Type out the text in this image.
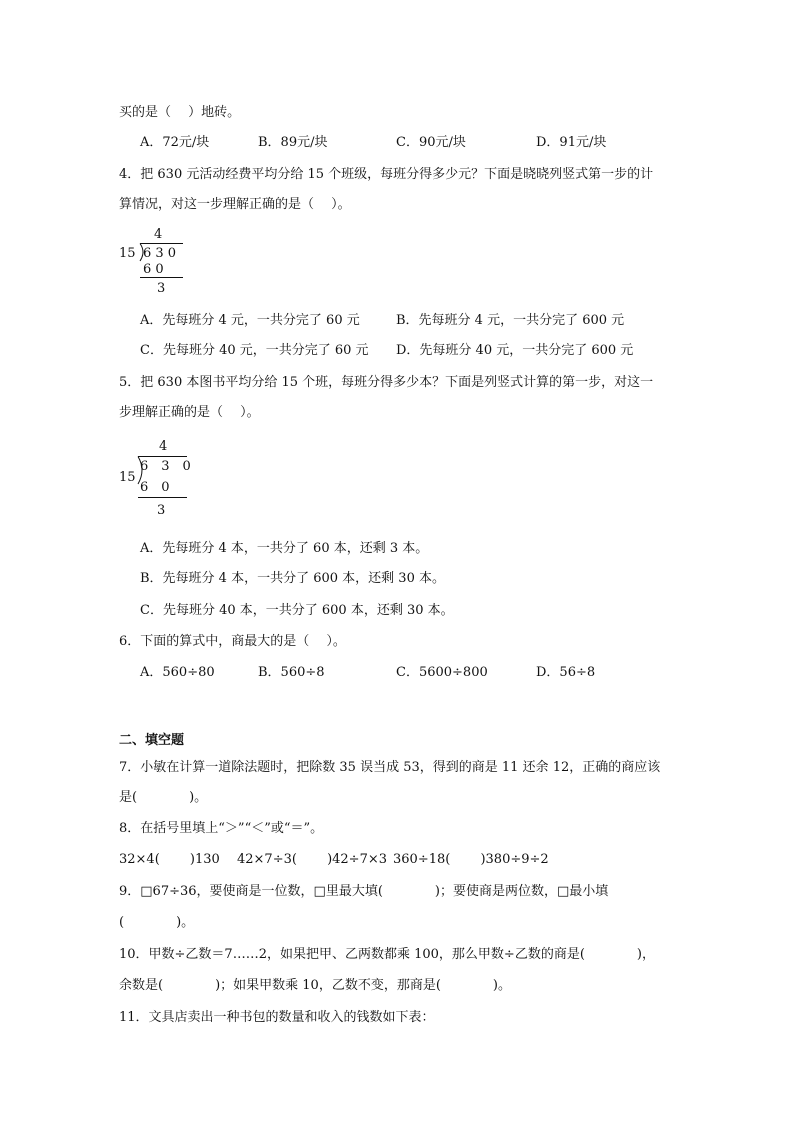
买的是（　 ）地砖。
A．72元/块	B．89元/块	C．90元/块	D．91元/块
4．把 630 元活动经费平均分给 15 个班级，每班分得多少元？下面是晓晓列竖式第一步的计
算情况，对这一步理解正确的是（　 ）。
4
15 6 3 0
6 0
3
A．先每班分 4 元，一共分完了 60 元	B．先每班分 4 元，一共分完了 600 元
C．先每班分 40 元，一共分完了 60 元 D．先每班分 40 元，一共分完了 600 元
5．把 630 本图书平均分给 15 个班，每班分得多少本？下面是列竖式计算的第一步，对这一
步理解正确的是（　 ）。
4
6　3　0
15
6　0
3
A．先每班分 4 本，一共分了 60 本，还剩 3 本。
B．先每班分 4 本，一共分了 600 本，还剩 30 本。
C．先每班分 40 本，一共分了 600 本，还剩 30 本。
6．下面的算式中，商最大的是（　 ）。
A．560÷80	B．560÷8	C．5600÷800	D．56÷8
二、填空题
7．小敏在计算一道除法题时，把除数 35 误当成 53，得到的商是 11 还余 12，正确的商应该
是(　　　　)。
8．在括号里填上“＞”“＜”或“＝”。
32×4(　　 )130 42×7÷3(　　 )42÷7×3 360÷18(　　 )380÷9÷2
9．□67÷36，要使商是一位数，□里最大填(　　　　)；要使商是两位数，□最小填
(　　　　)。
10．甲数÷乙数＝7……2，如果把甲、乙两数都乘 100，那么甲数÷乙数的商是(　　　　)，
余数是(　　　　)；如果甲数乘 10，乙数不变，那商是(　　　　)。
11．文具店卖出一种书包的数量和收入的钱数如下表：
